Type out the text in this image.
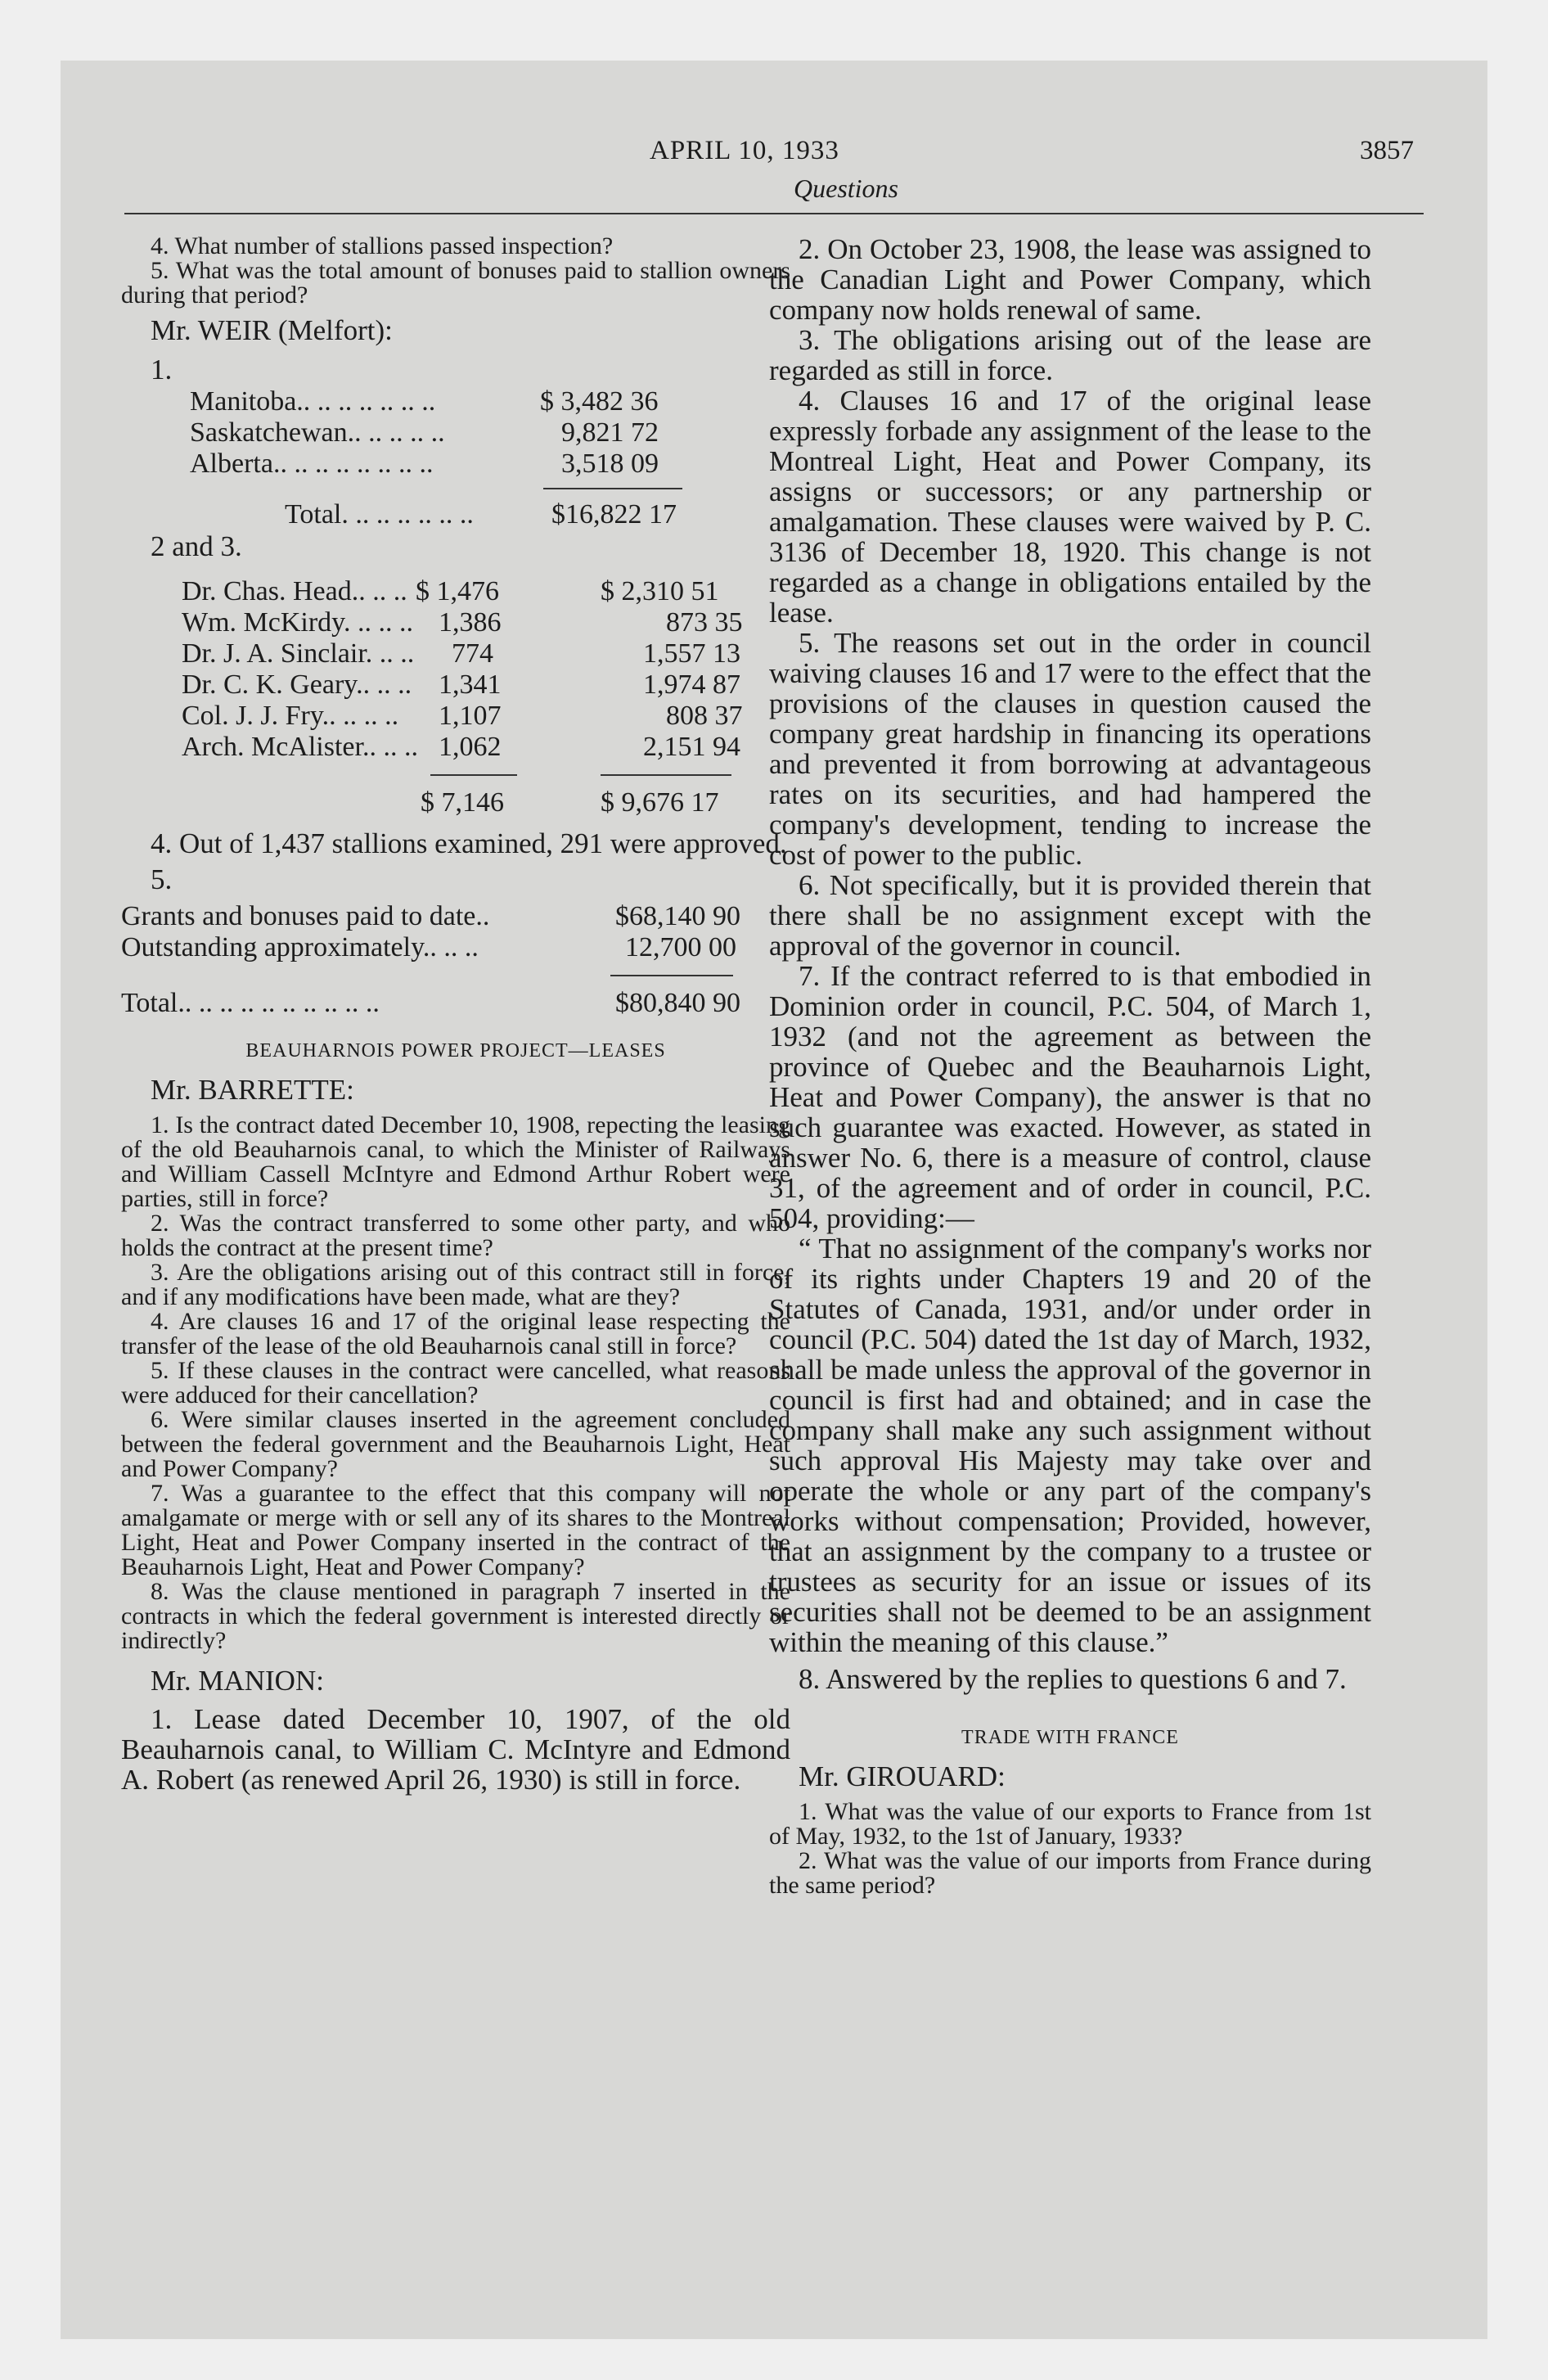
APRIL 10, 1933	3857
Questions

4. What number of stallions passed inspection?

5. What was the total amount of bonuses paid to stallion owners during that period?

Mr. WEIR (Melfort):
1.
Manitoba.. .. .. .. .. .. ..	$ 3,482 36
Saskatchewan.. .. .. .. ..	9,821 72
Alberta.. .. .. .. .. .. .. ..	3,518 09
Total. .. .. .. .. .. ..	$16,822 17
2 and 3.
Dr. Chas. Head.. .. .. $ 1,476	$ 2,310 51
Wm. McKirdy. .. .. .. 1,386	873 35
Dr. J. A. Sinclair. .. .. 774	1,557 13
Dr. C. K. Geary.. .. .. 1,341	1,974 87
Col. J. J. Fry.. .. .. .. 1,107	808 37
Arch. McAlister.. .. .. 1,062	2,151 94
$ 7,146	$ 9,676 17

4. Out of 1,437 stallions examined, 291 were approved.

5.
Grants and bonuses paid to date..	$68,140 90
Outstanding approximately.. .. ..	12,700 00
Total.. .. .. .. .. .. .. .. .. ..	$80,840 90
BEAUHARNOIS POWER PROJECT—LEASES
Mr. BARRETTE:

1. Is the contract dated December 10, 1908, repecting the leasing of the old Beauharnois canal, to which the Minister of Railways and William Cassell McIntyre and Edmond Arthur Robert were parties, still in force?

2. Was the contract transferred to some other party, and who holds the contract at the present time?

3. Are the obligations arising out of this contract still in force, and if any modifications have been made, what are they?

4. Are clauses 16 and 17 of the original lease respecting the transfer of the lease of the old Beauharnois canal still in force?

5. If these clauses in the contract were cancelled, what reasons were adduced for their cancellation?

6. Were similar clauses inserted in the agreement concluded between the federal government and the Beauharnois Light, Heat and Power Company?

7. Was a guarantee to the effect that this company will not amalgamate or merge with or sell any of its shares to the Montreal Light, Heat and Power Company inserted in the contract of the Beauharnois Light, Heat and Power Company?

8. Was the clause mentioned in paragraph 7 inserted in the contracts in which the federal government is interested directly or indirectly?

Mr. MANION:

1. Lease dated December 10, 1907, of the old Beauharnois canal, to William C. McIntyre and Edmond A. Robert (as renewed April 26, 1930) is still in force.

2. On October 23, 1908, the lease was assigned to the Canadian Light and Power Company, which company now holds renewal of same.

3. The obligations arising out of the lease are regarded as still in force.

4. Clauses 16 and 17 of the original lease expressly forbade any assignment of the lease to the Montreal Light, Heat and Power Company, its assigns or successors; or any partnership or amalgamation. These clauses were waived by P. C. 3136 of December 18, 1920. This change is not regarded as a change in obligations entailed by the lease.

5. The reasons set out in the order in council waiving clauses 16 and 17 were to the effect that the provisions of the clauses in question caused the company great hardship in financing its operations and prevented it from borrowing at advantageous rates on its securities, and had hampered the company's development, tending to increase the cost of power to the public.

6. Not specifically, but it is provided therein that there shall be no assignment except with the approval of the governor in council.

7. If the contract referred to is that embodied in Dominion order in council, P.C. 504, of March 1, 1932 (and not the agreement as between the province of Quebec and the Beauharnois Light, Heat and Power Company), the answer is that no such guarantee was exacted. However, as stated in answer No. 6, there is a measure of control, clause 31, of the agreement and of order in council, P.C. 504, providing:—

“ That no assignment of the company's works nor of its rights under Chapters 19 and 20 of the Statutes of Canada, 1931, and/or under order in council (P.C. 504) dated the 1st day of March, 1932, shall be made unless the approval of the governor in council is first had and obtained; and in case the company shall make any such assignment without such approval His Majesty may take over and operate the whole or any part of the company's works without compensation; Provided, however, that an assignment by the company to a trustee or trustees as security for an issue or issues of its securities shall not be deemed to be an assignment within the meaning of this clause.”

8. Answered by the replies to questions 6 and 7.

TRADE WITH FRANCE
Mr. GIROUARD:

1. What was the value of our exports to France from 1st of May, 1932, to the 1st of January, 1933?

2. What was the value of our imports from France during the same period?
